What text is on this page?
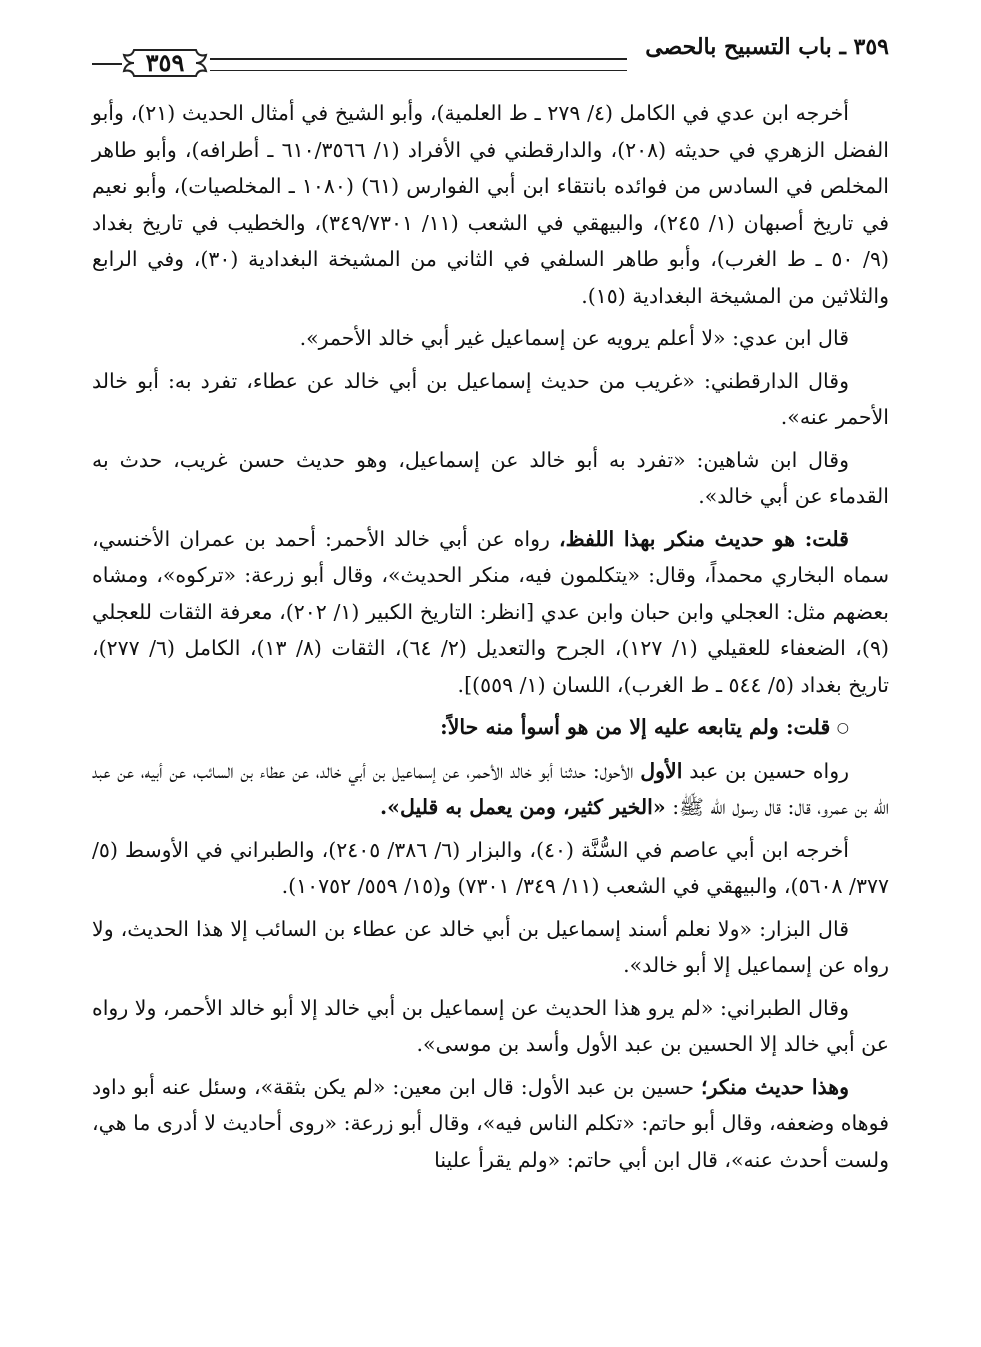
٣٥٩ ـ باب التسبيح بالحصى
٣٥٩

أخرجه ابن عدي في الكامل (٤/ ٢٧٩ ـ ط العلمية)، وأبو الشيخ في أمثال الحديث (٢١)، وأبو الفضل الزهري في حديثه (٢٠٨)، والدارقطني في الأفراد (١/ ٦١٠/٣٥٦٦ ـ أطرافه)، وأبو طاهر المخلص في السادس من فوائده بانتقاء ابن أبي الفوارس (٦١) (١٠٨٠ ـ المخلصيات)، وأبو نعيم في تاريخ أصبهان (١/ ٢٤٥)، والبيهقي في الشعب (١١/ ٣٤٩/٧٣٠١)، والخطيب في تاريخ بغداد (٩/ ٥٠ ـ ط الغرب)، وأبو طاهر السلفي في الثاني من المشيخة البغدادية (٣٠)، وفي الرابع والثلاثين من المشيخة البغدادية (١٥).

قال ابن عدي: «لا أعلم يرويه عن إسماعيل غير أبي خالد الأحمر».

وقال الدارقطني: «غريب من حديث إسماعيل بن أبي خالد عن عطاء، تفرد به: أبو خالد الأحمر عنه».

وقال ابن شاهين: «تفرد به أبو خالد عن إسماعيل، وهو حديث حسن غريب، حدث به القدماء عن أبي خالد».

قلت: هو حديث منكر بهذا اللفظ، رواه عن أبي خالد الأحمر: أحمد بن عمران الأخنسي، سماه البخاري محمداً، وقال: «يتكلمون فيه، منكر الحديث»، وقال أبو زرعة: «تركوه»، ومشاه بعضهم مثل: العجلي وابن حبان وابن عدي [انظر: التاريخ الكبير (١/ ٢٠٢)، معرفة الثقات للعجلي (٩)، الضعفاء للعقيلي (١/ ١٢٧)، الجرح والتعديل (٢/ ٦٤)، الثقات (٨/ ١٣)، الكامل (٦/ ٢٧٧)، تاريخ بغداد (٥/ ٥٤٤ ـ ط الغرب)، اللسان (١/ ٥٥٩)].

○ قلت: ولم يتابعه عليه إلا من هو أسوأ منه حالاً:

رواه حسين بن عبد الأول الأحول: حدثنا أبو خالد الأحمر، عن إسماعيل بن أبي خالد، عن عطاء بن السائب، عن أبيه، عن عبد الله بن عمرو، قال: قال رسول الله ﷺ: «الخير كثير، ومن يعمل به قليل».

أخرجه ابن أبي عاصم في السُّنَّة (٤٠)، والبزار (٦/ ٣٨٦/ ٢٤٠٥)، والطبراني في الأوسط (٥/ ٣٧٧/ ٥٦٠٨)، والبيهقي في الشعب (١١/ ٣٤٩/ ٧٣٠١) و(١٥/ ٥٥٩/ ١٠٧٥٢).

قال البزار: «ولا نعلم أسند إسماعيل بن أبي خالد عن عطاء بن السائب إلا هذا الحديث، ولا رواه عن إسماعيل إلا أبو خالد».

وقال الطبراني: «لم يرو هذا الحديث عن إسماعيل بن أبي خالد إلا أبو خالد الأحمر، ولا رواه عن أبي خالد إلا الحسين بن عبد الأول وأسد بن موسى».

وهذا حديث منكر؛ حسين بن عبد الأول: قال ابن معين: «لم يكن بثقة»، وسئل عنه أبو داود فوهاه وضعفه، وقال أبو حاتم: «تكلم الناس فيه»، وقال أبو زرعة: «روى أحاديث لا أدرى ما هي، ولست أحدث عنه»، قال ابن أبي حاتم: «ولم يقرأ علينا
